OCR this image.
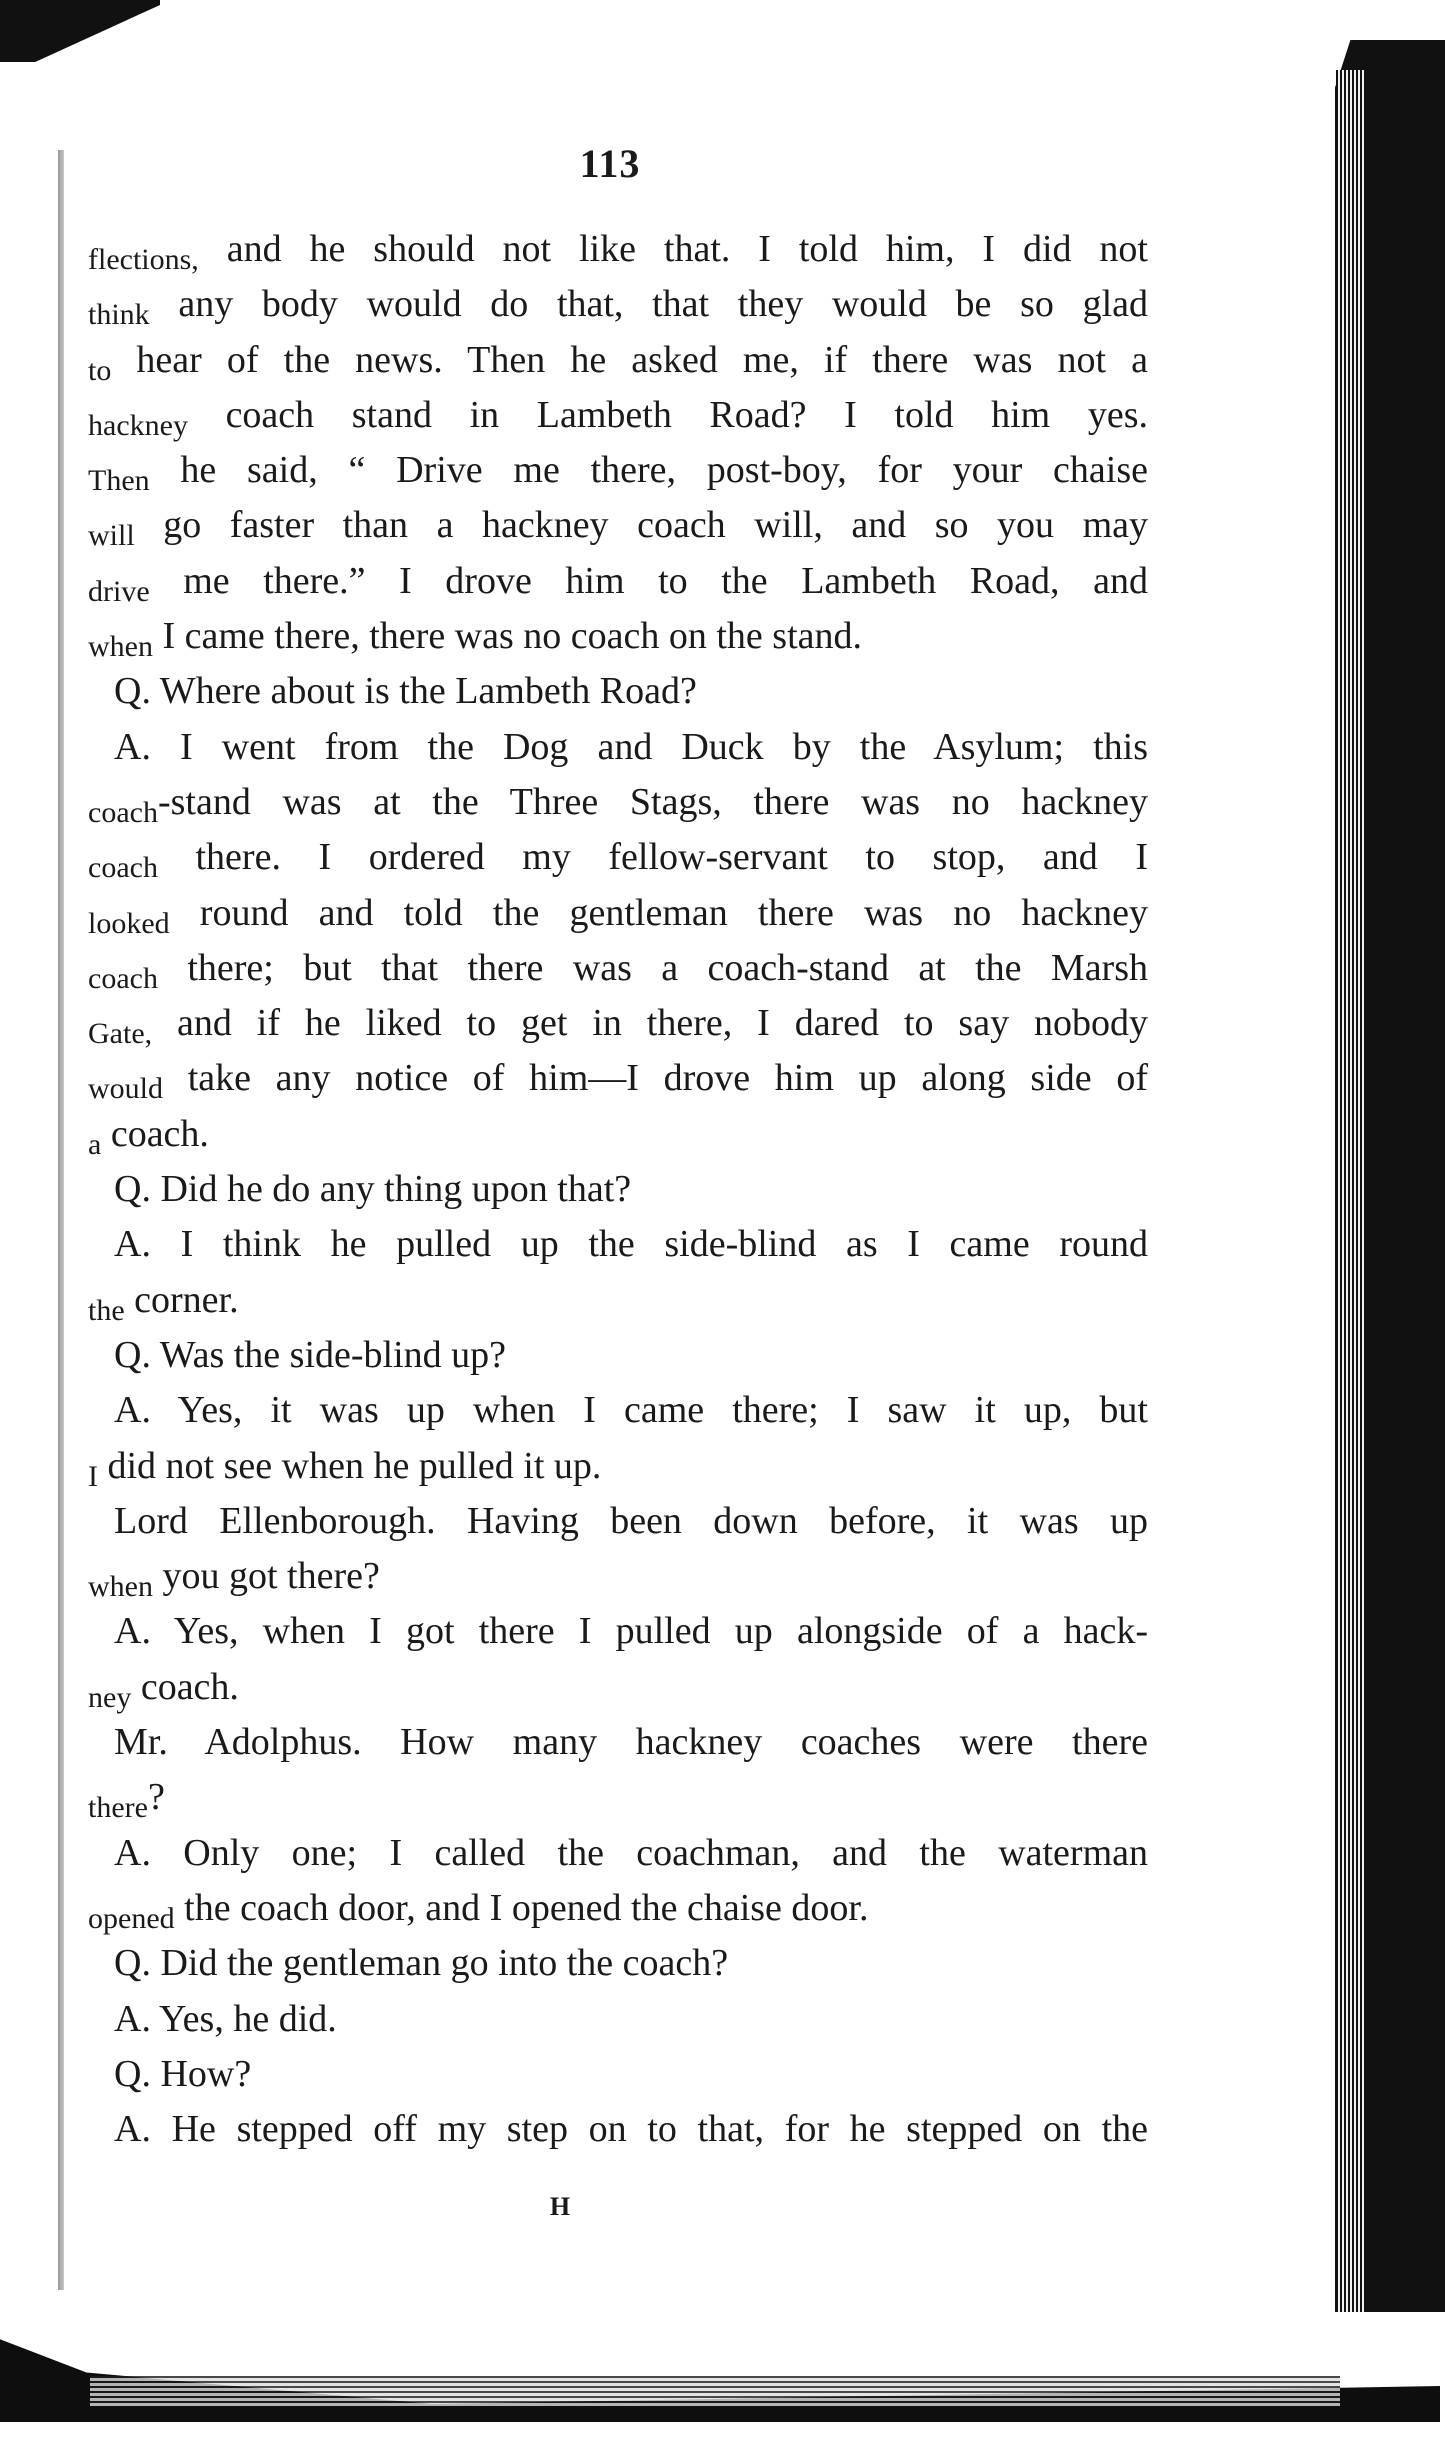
113
$_{flections,}$ and he should not like that. I told him, I did not
$_{think}$ any body would do that, that they would be so glad
$_{to}$ hear of the news. Then he asked me, if there was not a
$_{hackney}$ coach stand in Lambeth Road? I told him yes.
$_{Then}$ he said, “ Drive me there, post-boy, for your chaise
$_{will}$ go faster than a hackney coach will, and so you may
$_{drive}$ me there.” I drove him to the Lambeth Road, and
$_{when}$ I came there, there was no coach on the stand.
Q. Where about is the Lambeth Road?
A. I went from the Dog and Duck by the Asylum; this
$_{coach}$-stand was at the Three Stags, there was no hackney
$_{coach}$ there. I ordered my fellow-servant to stop, and I
$_{looked}$ round and told the gentleman there was no hackney
$_{coach}$ there; but that there was a coach-stand at the Marsh
$_{Gate,}$ and if he liked to get in there, I dared to say nobody
$_{would}$ take any notice of him—I drove him up along side of
$_a$ coach.
Q. Did he do any thing upon that?
A. I think he pulled up the side-blind as I came round
$_{the}$ corner.
Q. Was the side-blind up?
A. Yes, it was up when I came there; I saw it up, but
$_I$ did not see when he pulled it up.
Lord Ellenborough. Having been down before, it was up
$_{when}$ you got there?
A. Yes, when I got there I pulled up alongside of a hack-
$_{ney}$ coach.
Mr. Adolphus. How many hackney coaches were there
$_{there}$?
A. Only one; I called the coachman, and the waterman
$_{opened}$ the coach door, and I opened the chaise door.
Q. Did the gentleman go into the coach?
A. Yes, he did.
Q. How?
A. He stepped off my step on to that, for he stepped on the
H
